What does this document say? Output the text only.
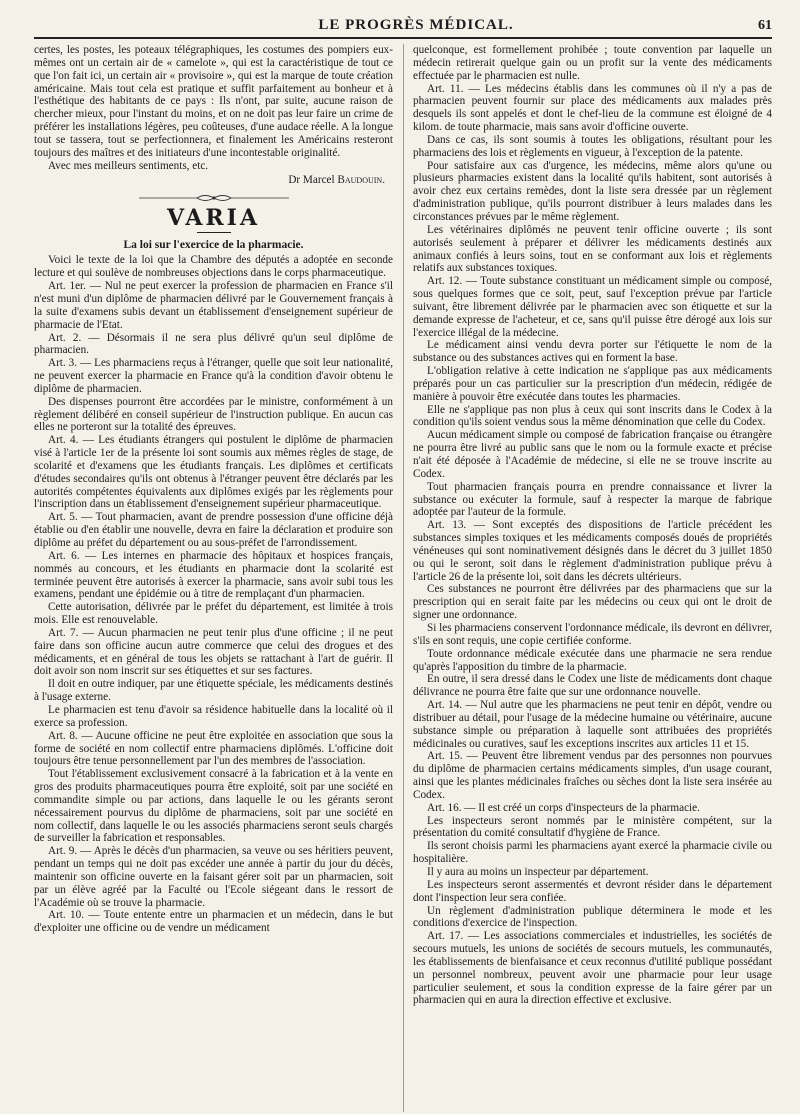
LE PROGRÈS MÉDICAL.	61

certes, les postes, les poteaux télégraphiques, les costumes des pompiers eux-mêmes ont un certain air de « camelote », qui est la caractéristique de tout ce que l'on fait ici, un certain air « provisoire », qui est la marque de toute création américaine. Mais tout cela est pratique et suffit parfaitement au bonheur et à l'esthétique des habitants de ce pays : Ils n'ont, par suite, aucune raison de chercher mieux, pour l'instant du moins, et on ne doit pas leur faire un crime de préférer les installations légères, peu coûteuses, d'une audace réelle. A la longue tout se tassera, tout se perfectionnera, et finalement les Américains resteront toujours des maîtres et des initiateurs d'une incontestable originalité.

Avec mes meilleurs sentiments, etc.

Dr Marcel Baudouin.
VARIA
La loi sur l'exercice de la pharmacie.

Voici le texte de la loi que la Chambre des députés a adoptée en seconde lecture et qui soulève de nombreuses objections dans le corps pharmaceutique.

Art. 1er. — Nul ne peut exercer la profession de pharmacien en France s'il n'est muni d'un diplôme de pharmacien délivré par le Gouvernement français à la suite d'examens subis devant un établissement d'enseignement supérieur de pharmacie de l'Etat.

Art. 2. — Désormais il ne sera plus délivré qu'un seul diplôme de pharmacien.

Art. 3. — Les pharmaciens reçus à l'étranger, quelle que soit leur nationalité, ne peuvent exercer la pharmacie en France qu'à la condition d'avoir obtenu le diplôme de pharmacien.

Des dispenses pourront être accordées par le ministre, conformément à un règlement délibéré en conseil supérieur de l'instruction publique. En aucun cas elles ne porteront sur la totalité des épreuves.

Art. 4. — Les étudiants étrangers qui postulent le diplôme de pharmacien visé à l'article 1er de la présente loi sont soumis aux mêmes règles de stage, de scolarité et d'examens que les étudiants français. Les diplômes et certificats d'études secondaires qu'ils ont obtenus à l'étranger peuvent être déclarés par les autorités compétentes équivalents aux diplômes exigés par les règlements pour l'inscription dans un établissement d'enseignement supérieur pharmaceutique.

Art. 5. — Tout pharmacien, avant de prendre possession d'une officine déjà établie ou d'en établir une nouvelle, devra en faire la déclaration et produire son diplôme au préfet du département ou au sous-préfet de l'arrondissement.

Art. 6. — Les internes en pharmacie des hôpitaux et hospices français, nommés au concours, et les étudiants en pharmacie dont la scolarité est terminée peuvent être autorisés à exercer la pharmacie, sans avoir subi tous les examens, pendant une épidémie ou à titre de remplaçant d'un pharmacien.

Cette autorisation, délivrée par le préfet du département, est limitée à trois mois. Elle est renouvelable.

Art. 7. — Aucun pharmacien ne peut tenir plus d'une officine ; il ne peut faire dans son officine aucun autre commerce que celui des drogues et des médicaments, et en général de tous les objets se rattachant à l'art de guérir. Il doit avoir son nom inscrit sur ses étiquettes et sur ses factures.

Il doit en outre indiquer, par une étiquette spéciale, les médicaments destinés à l'usage externe.

Le pharmacien est tenu d'avoir sa résidence habituelle dans la localité où il exerce sa profession.

Art. 8. — Aucune officine ne peut être exploitée en association que sous la forme de société en nom collectif entre pharmaciens diplômés. L'officine doit toujours être tenue personnellement par l'un des membres de l'association.

Tout l'établissement exclusivement consacré à la fabrication et à la vente en gros des produits pharmaceutiques pourra être exploité, soit par une société en commandite simple ou par actions, dans laquelle le ou les gérants seront nécessairement pourvus du diplôme de pharmaciens, soit par une société en nom collectif, dans laquelle le ou les associés pharmaciens seront seuls chargés de surveiller la fabrication et responsables.

Art. 9. — Après le décès d'un pharmacien, sa veuve ou ses héritiers peuvent, pendant un temps qui ne doit pas excéder une année à partir du jour du décès, maintenir son officine ouverte en la faisant gérer soit par un pharmacien, soit par un élève agréé par la Faculté ou l'Ecole siégeant dans le ressort de l'Académie où se trouve la pharmacie.

Art. 10. — Toute entente entre un pharmacien et un médecin, dans le but d'exploiter une officine ou de vendre un médicament

quelconque, est formellement prohibée ; toute convention par laquelle un médecin retirerait quelque gain ou un profit sur la vente des médicaments effectuée par le pharmacien est nulle.

Art. 11. — Les médecins établis dans les communes où il n'y a pas de pharmacien peuvent fournir sur place des médicaments aux malades près desquels ils sont appelés et dont le chef-lieu de la commune est éloigné de 4 kilom. de toute pharmacie, mais sans avoir d'officine ouverte.

Dans ce cas, ils sont soumis à toutes les obligations, résultant pour les pharmaciens des lois et règlements en vigueur, à l'exception de la patente.

Pour satisfaire aux cas d'urgence, les médecins, même alors qu'une ou plusieurs pharmacies existent dans la localité qu'ils habitent, sont autorisés à avoir chez eux certains remèdes, dont la liste sera dressée par un règlement d'administration publique, qu'ils pourront distribuer à leurs malades dans les circonstances prévues par le même règlement.

Les vétérinaires diplômés ne peuvent tenir officine ouverte ; ils sont autorisés seulement à préparer et délivrer les médicaments destinés aux animaux confiés à leurs soins, tout en se conformant aux lois et règlements relatifs aux substances toxiques.

Art. 12. — Toute substance constituant un médicament simple ou composé, sous quelques formes que ce soit, peut, sauf l'exception prévue par l'article suivant, être librement délivrée par le pharmacien avec son étiquette et sur la demande expresse de l'acheteur, et ce, sans qu'il puisse être dérogé aux lois sur l'exercice illégal de la médecine.

Le médicament ainsi vendu devra porter sur l'étiquette le nom de la substance ou des substances actives qui en forment la base.

L'obligation relative à cette indication ne s'applique pas aux médicaments préparés pour un cas particulier sur la prescription d'un médecin, rédigée de manière à pouvoir être exécutée dans toutes les pharmacies.

Elle ne s'applique pas non plus à ceux qui sont inscrits dans le Codex à la condition qu'ils soient vendus sous la même dénomination que celle du Codex.

Aucun médicament simple ou composé de fabrication française ou étrangère ne pourra être livré au public sans que le nom ou la formule exacte et précise n'ait été déposée à l'Académie de médecine, si elle ne se trouve inscrite au Codex.

Tout pharmacien français pourra en prendre connaissance et livrer la substance ou exécuter la formule, sauf à respecter la marque de fabrique adoptée par l'auteur de la formule.

Art. 13. — Sont exceptés des dispositions de l'article précédent les substances simples toxiques et les médicaments composés doués de propriétés vénéneuses qui sont nominativement désignés dans le décret du 3 juillet 1850 ou qui le seront, soit dans le règlement d'administration publique prévu à l'article 26 de la présente loi, soit dans les décrets ultérieurs.

Ces substances ne pourront être délivrées par des pharmaciens que sur la prescription qui en serait faite par les médecins ou ceux qui ont le droit de signer une ordonnance.

Si les pharmaciens conservent l'ordonnance médicale, ils devront en délivrer, s'ils en sont requis, une copie certifiée conforme.

Toute ordonnance médicale exécutée dans une pharmacie ne sera rendue qu'après l'apposition du timbre de la pharmacie.

En outre, il sera dressé dans le Codex une liste de médicaments dont chaque délivrance ne pourra être faite que sur une ordonnance nouvelle.

Art. 14. — Nul autre que les pharmaciens ne peut tenir en dépôt, vendre ou distribuer au détail, pour l'usage de la médecine humaine ou vétérinaire, aucune substance simple ou préparation à laquelle sont attribuées des propriétés médicinales ou curatives, sauf les exceptions inscrites aux articles 11 et 15.

Art. 15. — Peuvent être librement vendus par des personnes non pourvues du diplôme de pharmacien certains médicaments simples, d'un usage courant, ainsi que les plantes médicinales fraîches ou sèches dont la liste sera insérée au Codex.

Art. 16. — Il est créé un corps d'inspecteurs de la pharmacie.

Les inspecteurs seront nommés par le ministère compétent, sur la présentation du comité consultatif d'hygiène de France.

Ils seront choisis parmi les pharmaciens ayant exercé la pharmacie civile ou hospitalière.

Il y aura au moins un inspecteur par département.

Les inspecteurs seront assermentés et devront résider dans le département dont l'inspection leur sera confiée.

Un règlement d'administration publique déterminera le mode et les conditions d'exercice de l'inspection.

Art. 17. — Les associations commerciales et industrielles, les sociétés de secours mutuels, les unions de sociétés de secours mutuels, les communautés, les établissements de bienfaisance et ceux reconnus d'utilité publique possédant un personnel nombreux, peuvent avoir une pharmacie pour leur usage particulier seulement, et sous la condition expresse de la faire gérer par un pharmacien qui en aura la direction effective et exclusive.
